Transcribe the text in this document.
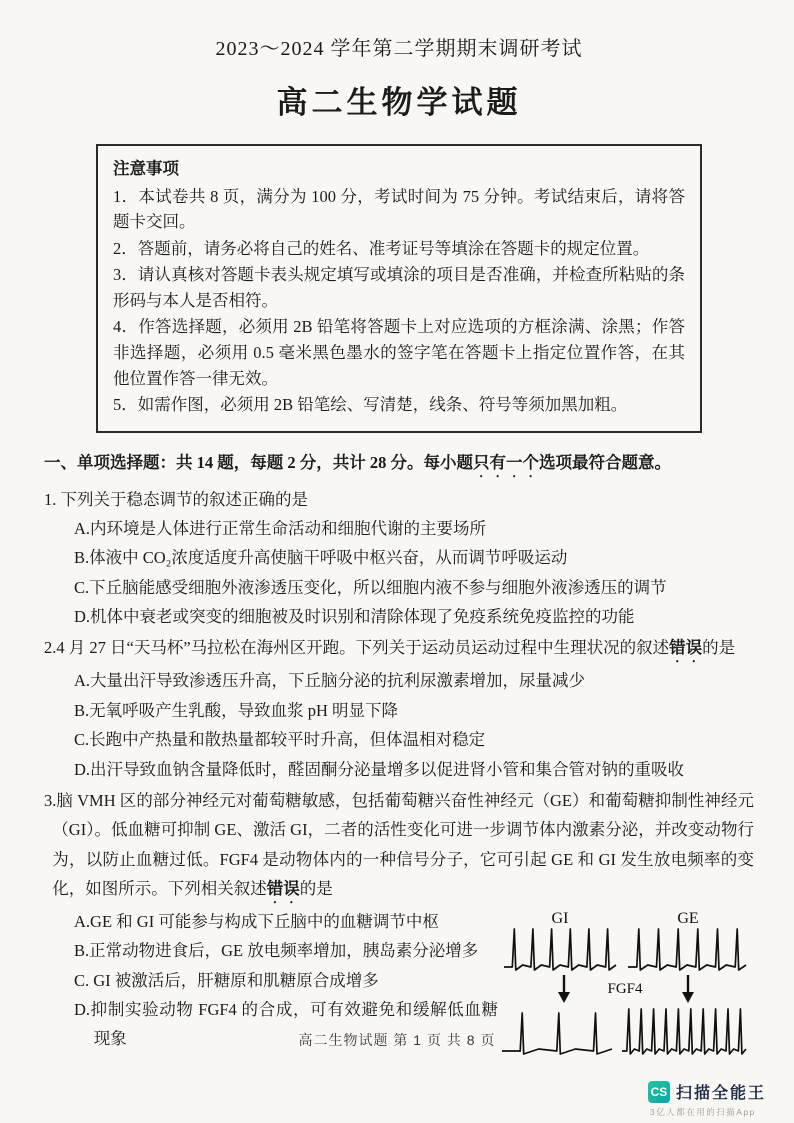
2023～2024 学年第二学期期末调研考试
高二生物学试题

注意事项

1．本试卷共 8 页，满分为 100 分，考试时间为 75 分钟。考试结束后，请将答题卡交回。

2．答题前，请务必将自己的姓名、准考证号等填涂在答题卡的规定位置。

3．请认真核对答题卡表头规定填写或填涂的项目是否准确，并检查所粘贴的条形码与本人是否相符。

4．作答选择题，必须用 2B 铅笔将答题卡上对应选项的方框涂满、涂黑；作答非选择题，必须用 0.5 毫米黑色墨水的签字笔在答题卡上指定位置作答，在其他位置作答一律无效。

5．如需作图，必须用 2B 铅笔绘、写清楚，线条、符号等须加黑加粗。

一、单项选择题：共 14 题，每题 2 分，共计 28 分。每小题只有一个选项最符合题意。

1. 下列关于稳态调节的叙述正确的是

A.内环境是人体进行正常生命活动和细胞代谢的主要场所

B.体液中 CO₂浓度适度升高使脑干呼吸中枢兴奋，从而调节呼吸运动

C.下丘脑能感受细胞外液渗透压变化，所以细胞内液不参与细胞外液渗透压的调节

D.机体中衰老或突变的细胞被及时识别和清除体现了免疫系统免疫监控的功能

2.4 月 27 日“天马杯”马拉松在海州区开跑。下列关于运动员运动过程中生理状况的叙述错误的是

A.大量出汗导致渗透压升高，下丘脑分泌的抗利尿激素增加，尿量减少

B.无氧呼吸产生乳酸，导致血浆 pH 明显下降

C.长跑中产热量和散热量都较平时升高，但体温相对稳定

D.出汗导致血钠含量降低时，醛固酮分泌量增多以促进肾小管和集合管对钠的重吸收

3.脑 VMH 区的部分神经元对葡萄糖敏感，包括葡萄糖兴奋性神经元（GE）和葡萄糖抑制性神经元（GI）。低血糖可抑制 GE、激活 GI，二者的活性变化可进一步调节体内激素分泌，并改变动物行为，以防止血糖过低。FGF4 是动物体内的一种信号分子，它可引起 GE 和 GI 发生放电频率的变化，如图所示。下列相关叙述错误的是

A.GE 和 GI 可能参与构成下丘脑中的血糖调节中枢

B.正常动物进食后，GE 放电频率增加，胰岛素分泌增多

C. GI 被激活后，肝糖原和肌糖原合成增多

D.抑制实验动物 FGF4 的合成，可有效避免和缓解低血糖现象

GI	GE
FGF4
高二生物试题 第 1 页 共 8 页
CS 扫描全能王
3亿人都在用的扫描App
